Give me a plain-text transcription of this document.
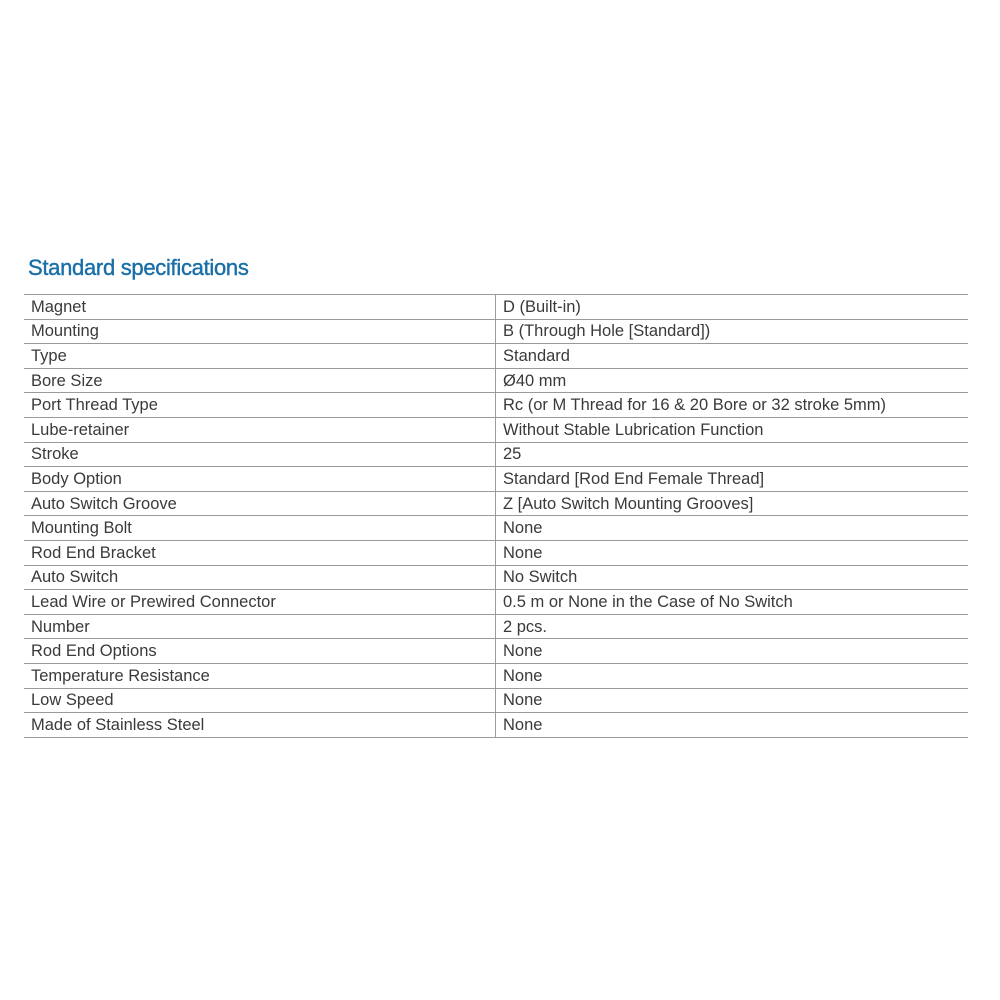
Standard specifications
Magnet	D (Built-in)
Mounting	B (Through Hole [Standard])
Type	Standard
Bore Size	Ø40 mm
Port Thread Type	Rc (or M Thread for 16 & 20 Bore or 32 stroke 5mm)
Lube-retainer	Without Stable Lubrication Function
Stroke	25
Body Option	Standard [Rod End Female Thread]
Auto Switch Groove	Z [Auto Switch Mounting Grooves]
Mounting Bolt	None
Rod End Bracket	None
Auto Switch	No Switch
Lead Wire or Prewired Connector	0.5 m or None in the Case of No Switch
Number	2 pcs.
Rod End Options	None
Temperature Resistance	None
Low Speed	None
Made of Stainless Steel	None
